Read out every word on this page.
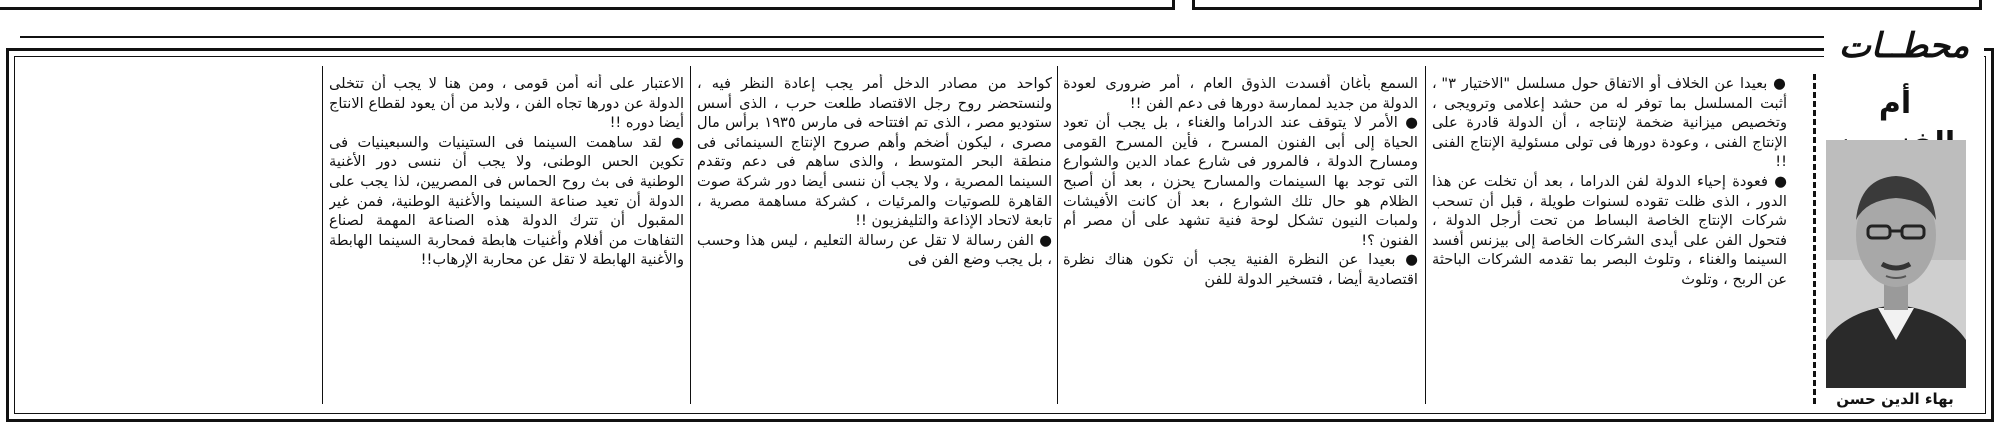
محطــات
أم
بهاء الدين حسن

● بعيدا عن الخلاف أو الاتفاق حول مسلسل "الاختيار ٣" ، أثبت المسلسل بما توفر له من حشد إعلامى وترويجى ، وتخصيص ميزانية ضخمة لإنتاجه ، أن الدولة قادرة على الإنتاج الفنى ، وعودة دورها فى تولى مسئولية الإنتاج الفنى !!

● فعودة إحياء الدولة لفن الدراما ، بعد أن تخلت عن هذا الدور ، الذى ظلت تقوده لسنوات طويلة ، قبل أن تسحب شركات الإنتاج الخاصة البساط من تحت أرجل الدولة ، فتحول الفن على أيدى الشركات الخاصة إلى بيزنس أفسد السينما والغناء ، وتلوث البصر بما تقدمه الشركات الباحثة عن الربح ، وتلوث

السمع بأغان أفسدت الذوق العام ، أمر ضرورى لعودة الدولة من جديد لممارسة دورها فى دعم الفن !!

● الأمر لا يتوقف عند الدراما والغناء ، بل يجب أن تعود الحياة إلى أبى الفنون المسرح ، فأين المسرح القومى ومسارح الدولة ، فالمرور فى شارع عماد الدين والشوارع التى توجد بها السينمات والمسارح يحزن ، بعد أن أصبح الظلام هو حال تلك الشوارع ، بعد أن كانت الأفيشات ولمبات النيون تشكل لوحة فنية تشهد على أن مصر أم الفنون ؟!

● بعيدا عن النظرة الفنية يجب أن تكون هناك نظرة اقتصادية أيضا ، فتسخير الدولة للفن

كواحد من مصادر الدخل أمر يجب إعادة النظر فيه ، ولنستحضر روح رجل الاقتصاد طلعت حرب ، الذى أسس ستوديو مصر ، الذى تم افتتاحه فى مارس ١٩٣٥ برأس مال مصرى ، ليكون أضخم وأهم صروح الإنتاج السينمائى فى منطقة البحر المتوسط ، والذى ساهم فى دعم وتقدم السينما المصرية ، ولا يجب أن ننسى أيضا دور شركة صوت القاهرة للصوتيات والمرئيات ، كشركة مساهمة مصرية ، تابعة لاتحاد الإذاعة والتليفزيون !!

● الفن رسالة لا تقل عن رسالة التعليم ، ليس هذا وحسب ، بل يجب وضع الفن فى

الاعتبار على أنه أمن قومى ، ومن هنا لا يجب أن تتخلى الدولة عن دورها تجاه الفن ، ولابد من أن يعود لقطاع الانتاج أيضا دوره !!

● لقد ساهمت السينما فى الستينيات والسبعينيات فى تكوين الحس الوطنى، ولا يجب أن ننسى دور الأغنية الوطنية فى بث روح الحماس فى المصريين، لذا يجب على الدولة أن تعيد صناعة السينما والأغنية الوطنية، فمن غير المقبول أن تترك الدولة هذه الصناعة المهمة لصناع التفاهات من أفلام وأغنيات هابطة فمحاربة السينما الهابطة والأغنية الهابطة لا تقل عن محاربة الإرهاب!!
